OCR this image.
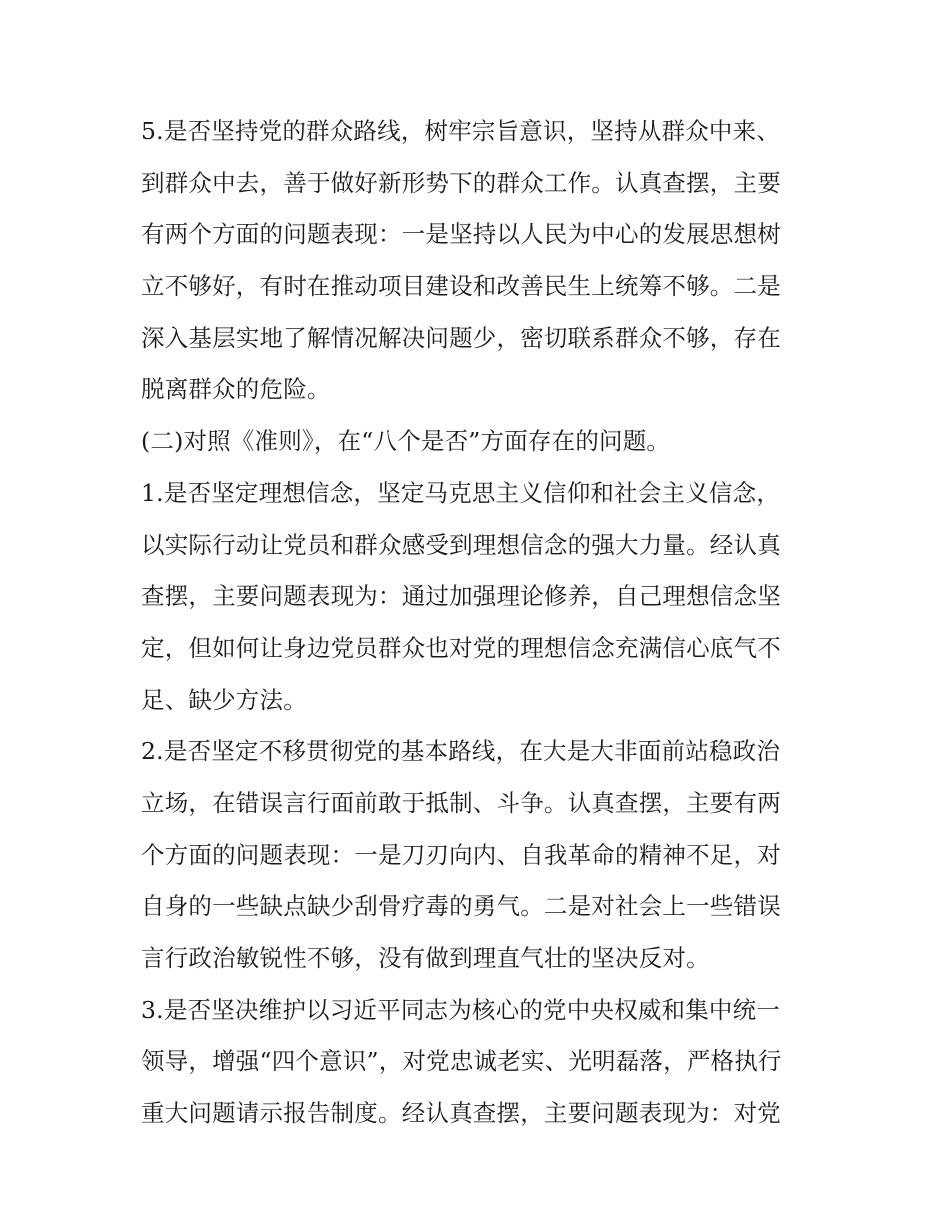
5.是否坚持党的群众路线，树牢宗旨意识，坚持从群众中来、
到群众中去，善于做好新形势下的群众工作。认真查摆，主要
有两个方面的问题表现：一是坚持以人民为中心的发展思想树
立不够好，有时在推动项目建设和改善民生上统筹不够。二是
深入基层实地了解情况解决问题少，密切联系群众不够，存在
脱离群众的危险。
(二)对照《准则》，在“八个是否”方面存在的问题。
1.是否坚定理想信念，坚定马克思主义信仰和社会主义信念，
以实际行动让党员和群众感受到理想信念的强大力量。经认真
查摆，主要问题表现为：通过加强理论修养，自己理想信念坚
定，但如何让身边党员群众也对党的理想信念充满信心底气不
足、缺少方法。
2.是否坚定不移贯彻党的基本路线，在大是大非面前站稳政治
立场，在错误言行面前敢于抵制、斗争。认真查摆，主要有两
个方面的问题表现：一是刀刃向内、自我革命的精神不足，对
自身的一些缺点缺少刮骨疗毒的勇气。二是对社会上一些错误
言行政治敏锐性不够，没有做到理直气壮的坚决反对。
3.是否坚决维护以习近平同志为核心的党中央权威和集中统一
领导，增强“四个意识”，对党忠诚老实、光明磊落，严格执行
重大问题请示报告制度。经认真查摆，主要问题表现为：对党
